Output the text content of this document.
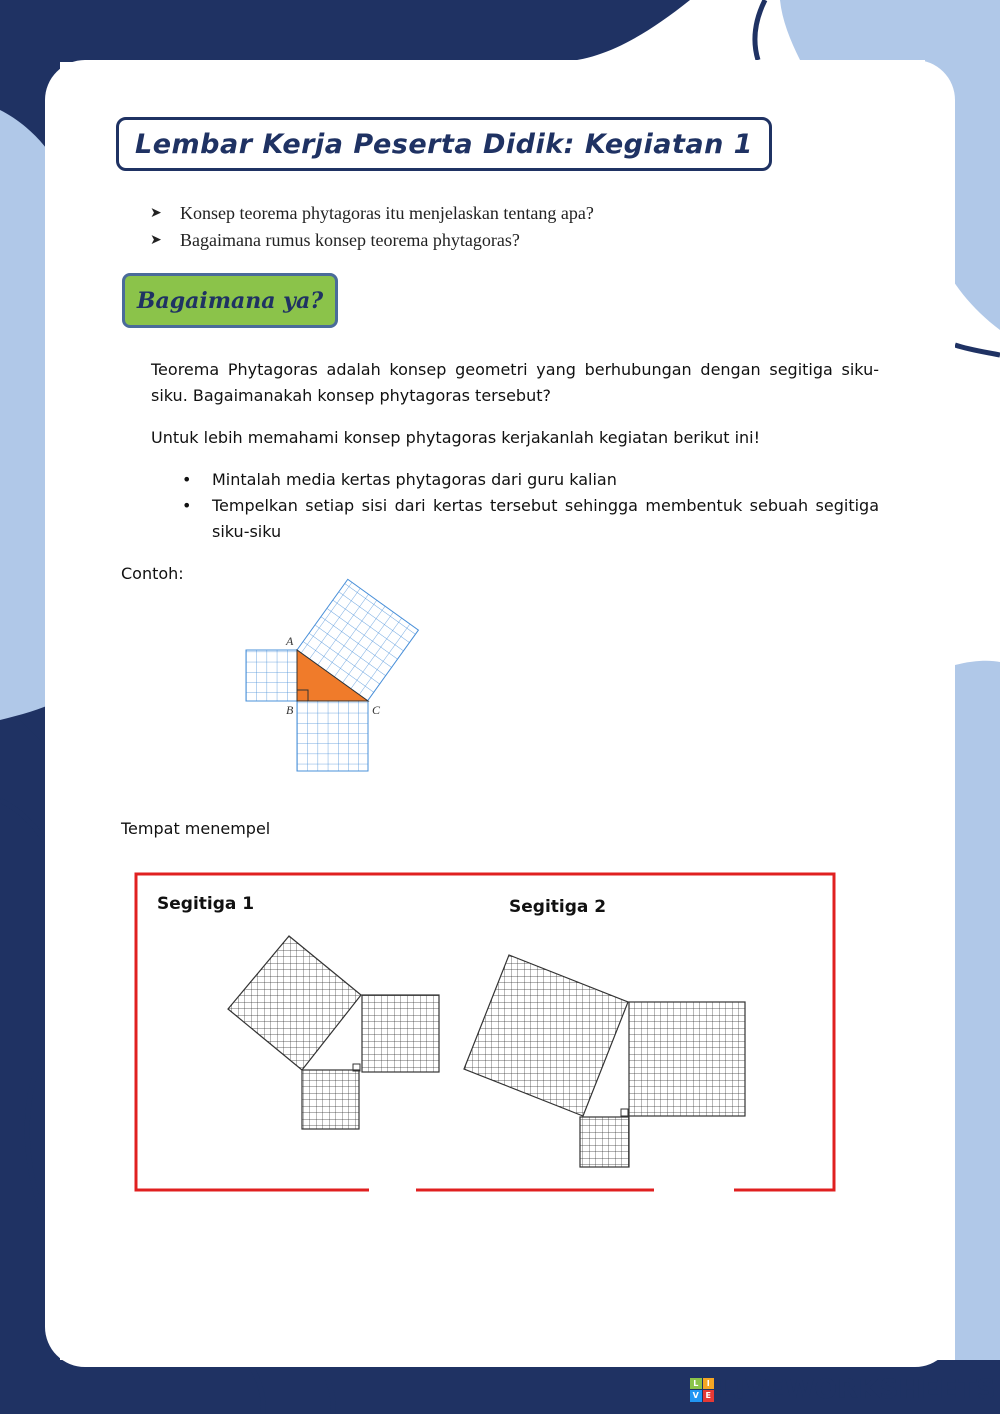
Lembar Kerja Peserta Didik: Kegiatan 1
➤	Konsep teorema phytagoras itu menjelaskan tentang apa?
➤	Bagaimana rumus konsep teorema phytagoras?
Bagaimana ya?

Teorema Phytagoras adalah konsep geometri yang berhubungan dengan segitiga siku-siku. Bagaimanakah konsep phytagoras tersebut?

Untuk lebih memahami konsep phytagoras kerjakanlah kegiatan berikut ini!

• Mintalah media kertas phytagoras dari guru kalian
• Tempelkan setiap sisi dari kertas tersebut sehingga membentuk sebuah segitiga siku-siku
Contoh:
A
B	C
Tempat menempel
Segitiga 1	Segitiga 2
L	I
V E LIVEWORKSHEETS
